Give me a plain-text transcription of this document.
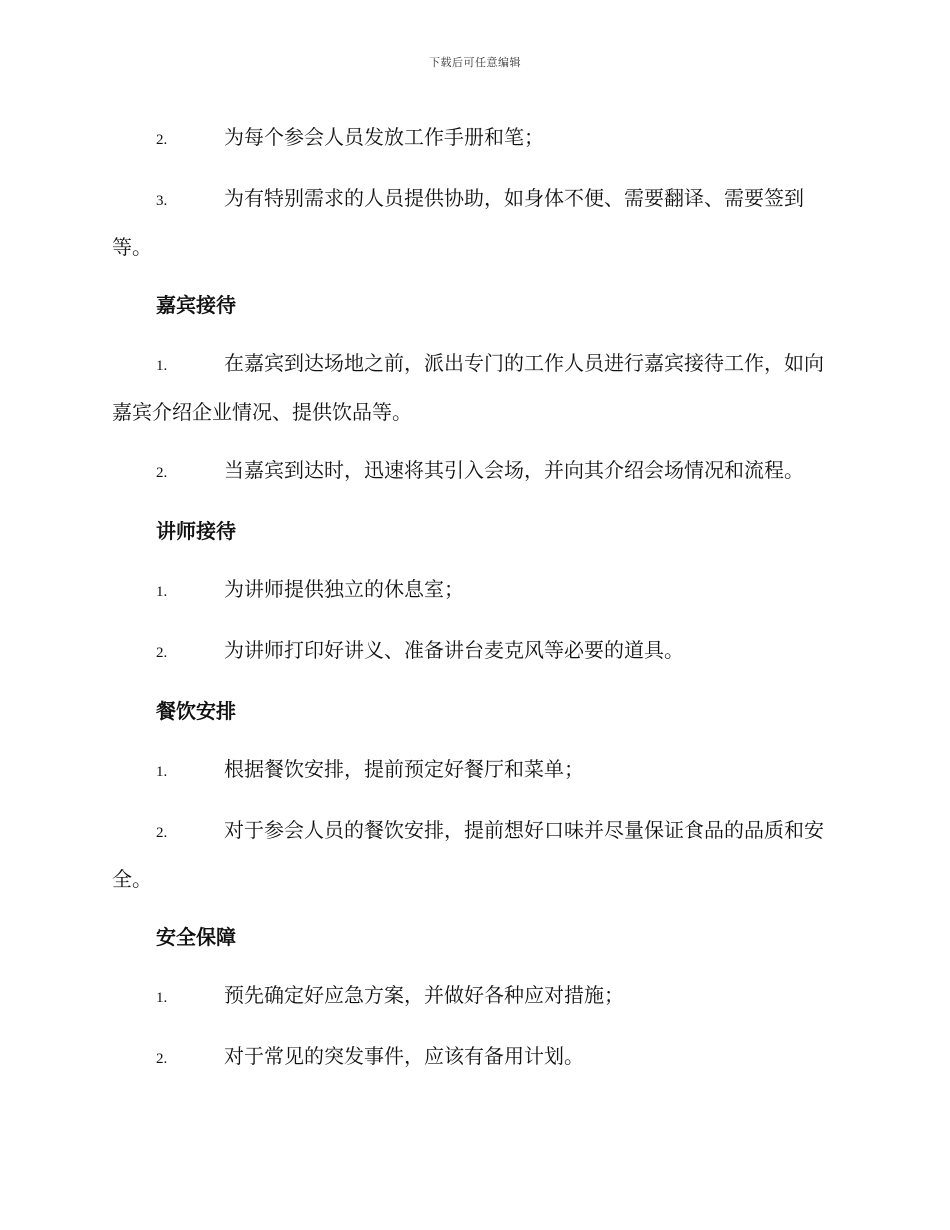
下载后可任意编辑

2.	为每个参会人员发放工作手册和笔；

3.	为有特别需求的人员提供协助，如身体不便、需要翻译、需要签到等。

嘉宾接待

1.	在嘉宾到达场地之前，派出专门的工作人员进行嘉宾接待工作，如向嘉宾介绍企业情况、提供饮品等。

2.	当嘉宾到达时，迅速将其引入会场，并向其介绍会场情况和流程。

讲师接待

1.	为讲师提供独立的休息室；

2.	为讲师打印好讲义、准备讲台麦克风等必要的道具。

餐饮安排

1.	根据餐饮安排，提前预定好餐厅和菜单；

2.	对于参会人员的餐饮安排，提前想好口味并尽量保证食品的品质和安全。

安全保障

1.	预先确定好应急方案，并做好各种应对措施；

2.	对于常见的突发事件，应该有备用计划。
